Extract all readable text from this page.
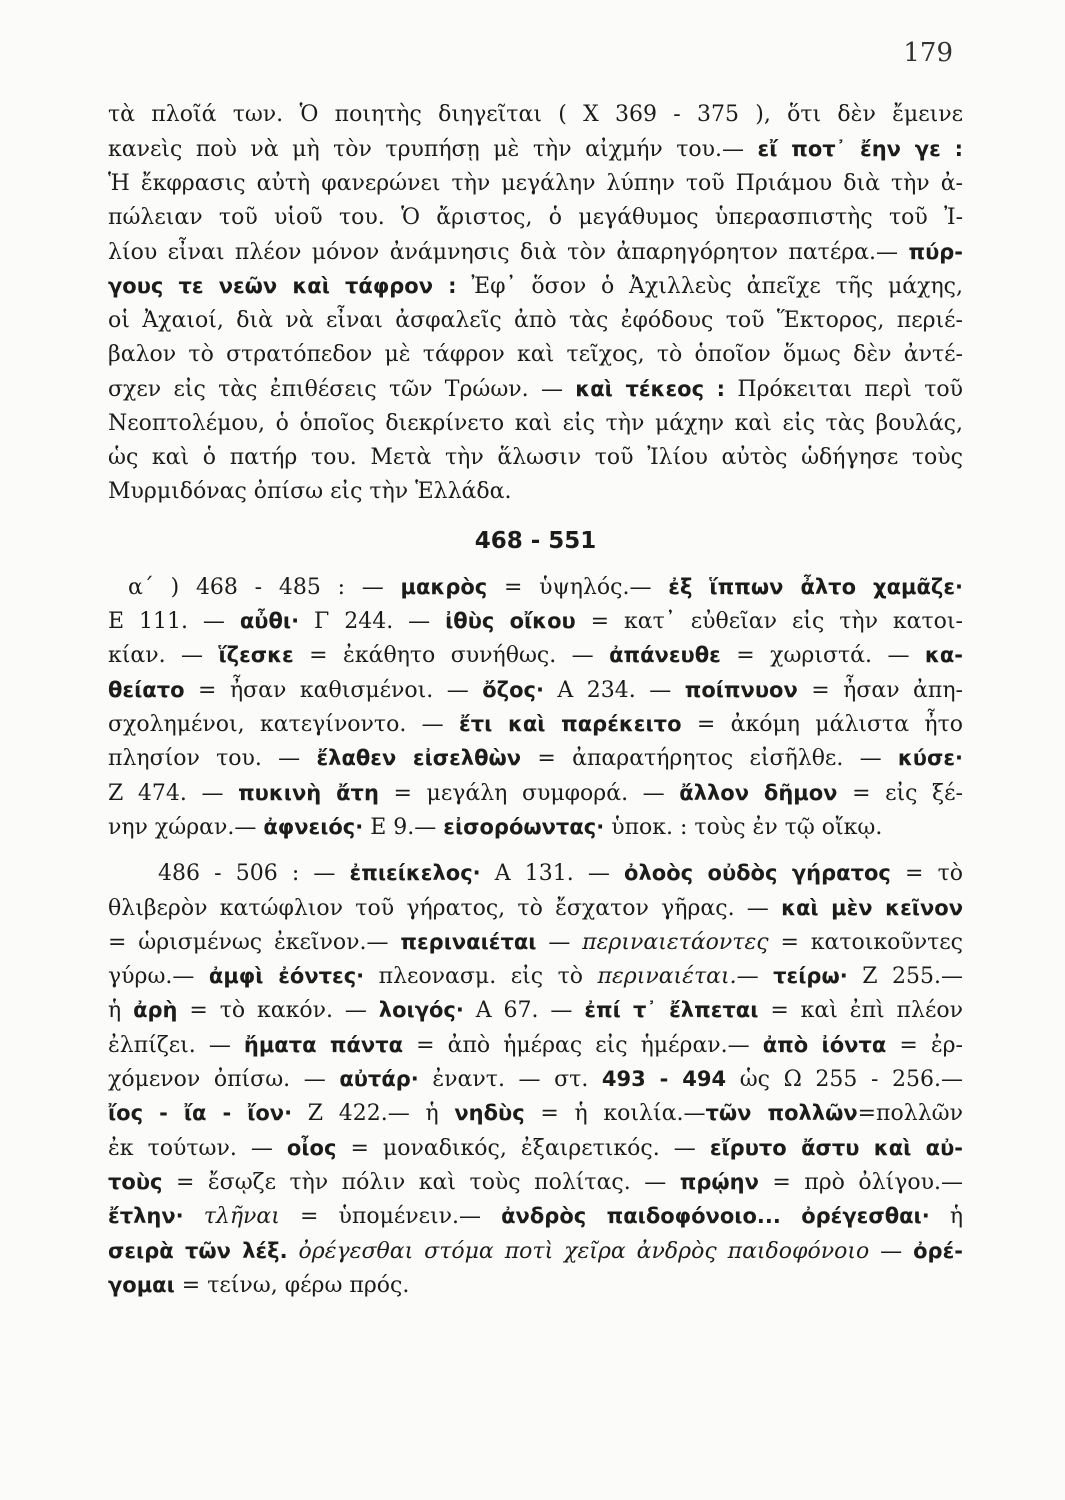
179
τὰ πλοῖά των. Ὁ ποιητὴς διηγεῖται ( Χ 369 - 375 ), ὅτι δὲν ἔμεινε
κανεὶς ποὺ νὰ μὴ τὸν τρυπήσῃ μὲ τὴν αἰχμήν του.— εἴ ποτ᾽ ἔην γε :
Ἡ ἔκφρασις αὐτὴ φανερώνει τὴν μεγάλην λύπην τοῦ Πριάμου διὰ τὴν ἀ-
πώλειαν τοῦ υἱοῦ του. Ὁ ἄριστος, ὁ μεγάθυμος ὑπερασπιστὴς τοῦ Ἰ-
λίου εἶναι πλέον μόνον ἀνάμνησις διὰ τὸν ἀπαρηγόρητον πατέρα.— πύρ-
γους τε νεῶν καὶ τάφρον : Ἐφ᾽ ὅσον ὁ Ἀχιλλεὺς ἀπεῖχε τῆς μάχης,
οἱ Ἀχαιοί, διὰ νὰ εἶναι ἀσφαλεῖς ἀπὸ τὰς ἐφόδους τοῦ Ἕκτορος, περιέ-
βαλον τὸ στρατόπεδον μὲ τάφρον καὶ τεῖχος, τὸ ὁποῖον ὅμως δὲν ἀντέ-
σχεν εἰς τὰς ἐπιθέσεις τῶν Τρώων. — καὶ τέκεος : Πρόκειται περὶ τοῦ
Νεοπτολέμου, ὁ ὁποῖος διεκρίνετο καὶ εἰς τὴν μάχην καὶ εἰς τὰς βουλάς,
ὡς καὶ ὁ πατήρ του. Μετὰ τὴν ἅλωσιν τοῦ Ἰλίου αὐτὸς ὡδήγησε τοὺς
Μυρμιδόνας ὀπίσω εἰς τὴν Ἑλλάδα.
468 - 551
α΄ ) 468 - 485 : — μακρὸς = ὑψηλός.— ἐξ ἵππων ἆλτο χαμᾶζε·
Ε 111. — αὖθι· Γ 244. — ἰθὺς οἴκου = κατ᾽ εὐθεῖαν εἰς τὴν κατοι-
κίαν. — ἵζεσκε = ἐκάθητο συνήθως. — ἀπάνευθε = χωριστά. — κα-
θείατο = ἦσαν καθισμένοι. — ὄζος· Α 234. — ποίπνυον = ἦσαν ἀπη-
σχολημένοι, κατεγίνοντο. — ἔτι καὶ παρέκειτο = ἀκόμη μάλιστα ἦτο
πλησίον του. — ἔλαθεν εἰσελθὼν = ἀπαρατήρητος εἰσῆλθε. — κύσε·
Ζ 474. — πυκινὴ ἄτη = μεγάλη συμφορά. — ἄλλον δῆμον = εἰς ξέ-
νην χώραν.— ἀφνειός· Ε 9.— εἰσορόωντας· ὑποκ. : τοὺς ἐν τῷ οἴκῳ.
486 - 506 : — ἐπιείκελος· Α 131. — ὀλοὸς οὐδὸς γήρατος = τὸ
θλιβερὸν κατώφλιον τοῦ γήρατος, τὸ ἔσχατον γῆρας. — καὶ μὲν κεῖνον
= ὡρισμένως ἐκεῖνον.— περιναιέται — περιναιετάοντες = κατοικοῦντες
γύρω.— ἀμφὶ ἐόντες· πλεονασμ. εἰς τὸ περιναιέται.— τείρω· Ζ 255.—
ἡ ἀρὴ = τὸ κακόν. — λοιγός· Α 67. — ἐπί τ᾽ ἔλπεται = καὶ ἐπὶ πλέον
ἐλπίζει. — ἤματα πάντα = ἀπὸ ἡμέρας εἰς ἡμέραν.— ἀπὸ ἰόντα = ἐρ-
χόμενον ὀπίσω. — αὐτάρ· ἐναντ. — στ. 493 - 494 ὡς Ω 255 - 256.—
ἴος - ἴα - ἴον· Ζ 422.— ἡ νηδὺς = ἡ κοιλία.—τῶν πολλῶν=πολλῶν
ἐκ τούτων. — οἶος = μοναδικός, ἐξαιρετικός. — εἴρυτο ἄστυ καὶ αὐ-
τοὺς = ἔσῳζε τὴν πόλιν καὶ τοὺς πολίτας. — πρῴην = πρὸ ὀλίγου.—
ἔτλην· τλῆναι = ὑπομένειν.— ἀνδρὸς παιδοφόνοιο... ὀρέγεσθαι· ἡ
σειρὰ τῶν λέξ. ὀρέγεσθαι στόμα ποτὶ χεῖρα ἀνδρὸς παιδοφόνοιο — ὀρέ-
γομαι = τείνω, φέρω πρός.
